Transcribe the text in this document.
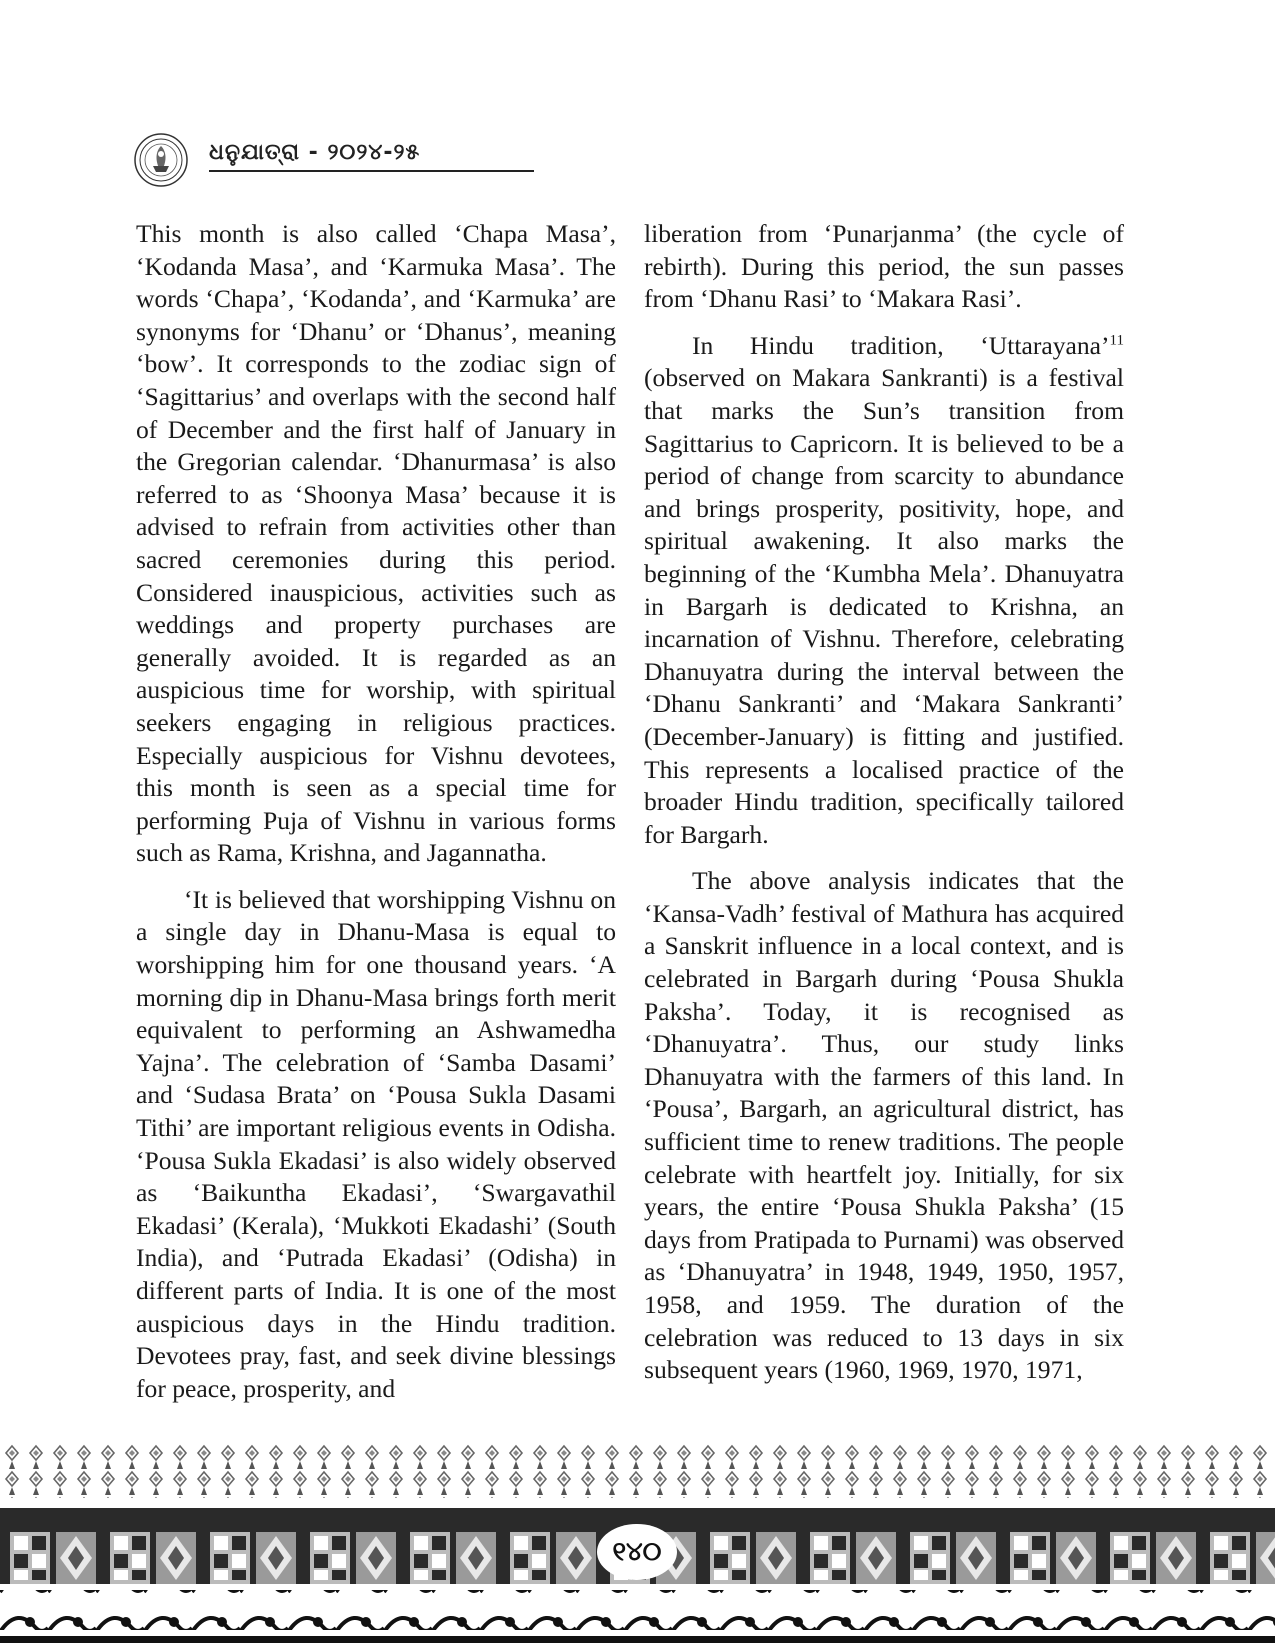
ଧନୁଯାତ୍ରା - ୨୦୨୪-୨୫

This month is also called ‘Chapa Masa’, ‘Kodanda Masa’, and ‘Karmuka Masa’. The words ‘Chapa’, ‘Kodanda’, and ‘Karmuka’ are synonyms for ‘Dhanu’ or ‘Dhanus’, meaning ‘bow’. It corresponds to the zodiac sign of ‘Sagittarius’ and overlaps with the second half of December and the first half of January in the Gregorian calendar. ‘Dhanurmasa’ is also referred to as ‘Shoonya Masa’ because it is advised to refrain from activities other than sacred ceremonies during this period. Considered inauspicious, activities such as weddings and property purchases are generally avoided. It is regarded as an auspicious time for worship, with spiritual seekers engaging in religious practices. Especially auspicious for Vishnu devotees, this month is seen as a special time for performing Puja of Vishnu in various forms such as Rama, Krishna, and Jagannatha.

‘It is believed that worshipping Vishnu on a single day in Dhanu-Masa is equal to worshipping him for one thousand years. ‘A morning dip in Dhanu-Masa brings forth merit equivalent to performing an Ashwamedha Yajna’. The celebration of ‘Samba Dasami’ and ‘Sudasa Brata’ on ‘Pousa Sukla Dasami Tithi’ are important religious events in Odisha. ‘Pousa Sukla Ekadasi’ is also widely observed as ‘Baikuntha Ekadasi’, ‘Swargavathil Ekadasi’ (Kerala), ‘Mukkoti Ekadashi’ (South India), and ‘Putrada Ekadasi’ (Odisha) in different parts of India. It is one of the most auspicious days in the Hindu tradition. Devotees pray, fast, and seek divine blessings for peace, prosperity, and

liberation from ‘Punarjanma’ (the cycle of rebirth). During this period, the sun passes from ‘Dhanu Rasi’ to ‘Makara Rasi’.

In Hindu tradition, ‘Uttarayana’$^{11}$ (observed on Makara Sankranti) is a festival that marks the Sun’s transition from Sagittarius to Capricorn. It is believed to be a period of change from scarcity to abundance and brings prosperity, positivity, hope, and spiritual awakening. It also marks the beginning of the ‘Kumbha Mela’. Dhanuyatra in Bargarh is dedicated to Krishna, an incarnation of Vishnu. Therefore, celebrating Dhanuyatra during the interval between the ‘Dhanu Sankranti’ and ‘Makara Sankranti’ (December-January) is fitting and justified. This represents a localised practice of the broader Hindu tradition, specifically tailored for Bargarh.

The above analysis indicates that the ‘Kansa-Vadh’ festival of Mathura has acquired a Sanskrit influence in a local context, and is celebrated in Bargarh during ‘Pousa Shukla Paksha’. Today, it is recognised as ‘Dhanuyatra’. Thus, our study links Dhanuyatra with the farmers of this land. In ‘Pousa’, Bargarh, an agricultural district, has sufficient time to renew traditions. The people celebrate with heartfelt joy. Initially, for six years, the entire ‘Pousa Shukla Paksha’ (15 days from Pratipada to Purnami) was observed as ‘Dhanuyatra’ in 1948, 1949, 1950, 1957, 1958, and 1959. The duration of the celebration was reduced to 13 days in six subsequent years (1960, 1969, 1970, 1971,

୧୪୦
